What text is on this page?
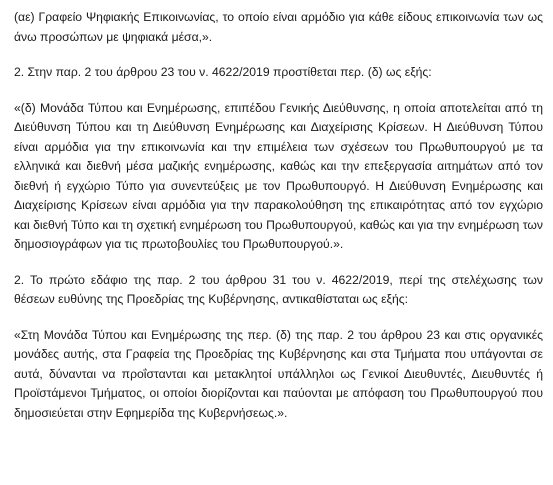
(αε) Γραφείο Ψηφιακής Επικοινωνίας, το οποίο είναι αρμόδιο για κάθε είδους επικοινωνία των ως άνω προσώπων με ψηφιακά μέσα,».

2. Στην παρ. 2 του άρθρου 23 του ν. 4622/2019 προστίθεται περ. (δ) ως εξής:

«(δ) Μονάδα Τύπου και Ενημέρωσης, επιπέδου Γενικής Διεύθυνσης, η οποία αποτελείται από τη Διεύθυνση Τύπου και τη Διεύθυνση Ενημέρωσης και Διαχείρισης Κρίσεων. Η Διεύθυνση Τύπου είναι αρμόδια για την επικοινωνία και την επιμέλεια των σχέσεων του Πρωθυπουργού με τα ελληνικά και διεθνή μέσα μαζικής ενημέρωσης, καθώς και την επεξεργασία αιτημάτων από τον διεθνή ή εγχώριο Τύπο για συνεντεύξεις με τον Πρωθυπουργό. Η Διεύθυνση Ενημέρωσης και Διαχείρισης Κρίσεων είναι αρμόδια για την παρακολούθηση της επικαιρότητας από τον εγχώριο και διεθνή Τύπο και τη σχετική ενημέρωση του Πρωθυπουργού, καθώς και για την ενημέρωση των δημοσιογράφων για τις πρωτοβουλίες του Πρωθυπουργού.».

2. Το πρώτο εδάφιο της παρ. 2 του άρθρου 31 του ν. 4622/2019, περί της στελέχωσης των θέσεων ευθύνης της Προεδρίας της Κυβέρνησης, αντικαθίσταται ως εξής:

«Στη Μονάδα Τύπου και Ενημέρωσης της περ. (δ) της παρ. 2 του άρθρου 23 και στις οργανικές μονάδες αυτής, στα Γραφεία της Προεδρίας της Κυβέρνησης και στα Τμήματα που υπάγονται σε αυτά, δύνανται να προΐστανται και μετακλητοί υπάλληλοι ως Γενικοί Διευθυντές, Διευθυντές ή Προϊστάμενοι Τμήματος, οι οποίοι διορίζονται και παύονται με απόφαση του Πρωθυπουργού που δημοσιεύεται στην Εφημερίδα της Κυβερνήσεως.».
